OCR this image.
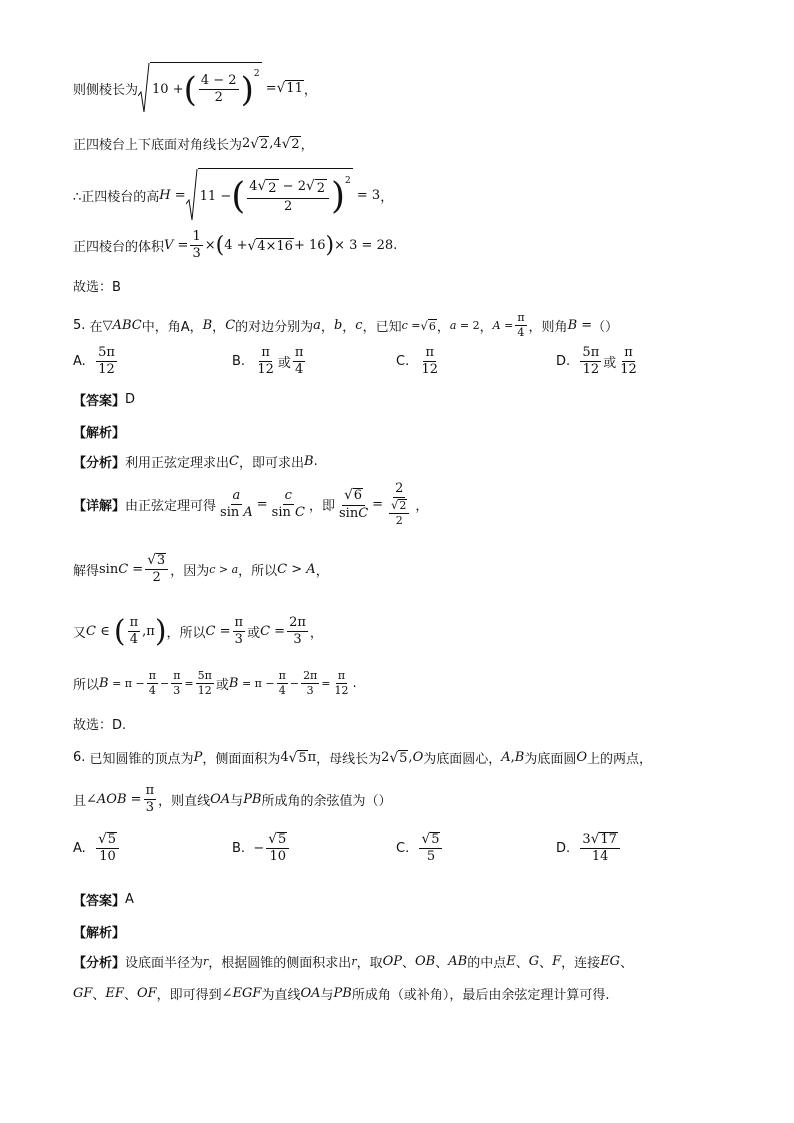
则侧棱长为 10 + ( $\frac{4 - 2}{2}$ ) 2
= √ 11 ，
正四棱台上下底面对角线长为 2 √ 2 ,4 √ 2 ，
∴正四棱台的高 H = 11 − ( $\frac{4 √ 2 - 2 √ 2}{2}$ ) 2
= 3 ，
正四棱台的体积 $V = \frac{1}{3}$ × ( 4 + √ 4×16 + 16 ) × 3 = 28.
故选：B
5.
在 ▽ABC 中，角A， B ， C 的对边分别为 a ， b ， c ，已知 c = √ 6 ， a = 2 ， $A = \frac{\pi}{4}$ ，则角 B = （）
A.
$\frac{5\pi}{12}$	B.
$\frac{\pi}{12}$ 或 $\frac{\pi}{4}$	C.
$\frac{\pi}{12}$	D.
$\frac{5\pi}{12}$ 或 $\frac{\pi}{12}$
【答案】 D
【解析】
【分析】 利用正弦定理求出 C ，即可求出 B .
【详解】 由正弦定理可得 $\frac{a}{\text{sin A}} = \frac{c}{\text{sin C}}$ ，即 $\frac{√ 6}{\sin C} = \frac{2}{\frac{√ 2}{2}}$ ，
解得 $\sin C = \frac{√ 3}{2}$ ，因为 c > a ，所以 C > A ，
又 C ∈ ( $\frac{\pi}{4} ,\pi$ ) ，所以 $C = \frac{\pi}{3}$ 或 $C = \frac{2\pi}{3}$ ，
所以 $B = \pi - \frac{\pi}{4} - \frac{\pi}{3} = \frac{5\pi}{12}$ 或 $B = \pi - \frac{\pi}{4} - \frac{2\pi}{3} = \frac{\pi}{12}$ .
故选：D.
6.
已知圆锥的顶点为 P ，侧面面积为 4 √ 5 π ，母线长为 2 √ 5 , O 为底面圆心， A , B 为底面圆 O 上的两点，
且 ∠ AOB = $\frac{\pi}{3}$ ，则直线 OA 与 PB 所成角的余弦值为（）
A.
$\frac{√ 5}{10}$	B.
− $\frac{√ 5}{10}$	C.
$\frac{√ 5}{5}$	D.
$\frac{3 √ 17}{14}$
【答案】 A
【解析】
【分析】 设底面半径为 r ，根据圆锥的侧面积求出 r ，取 OP 、 OB 、 AB 的中点 E 、 G 、 F ，连接 EG 、
GF 、 EF 、 OF ，即可得到 ∠ EGF 为直线 OA 与 PB 所成角（或补角），最后由余弦定理计算可得.
